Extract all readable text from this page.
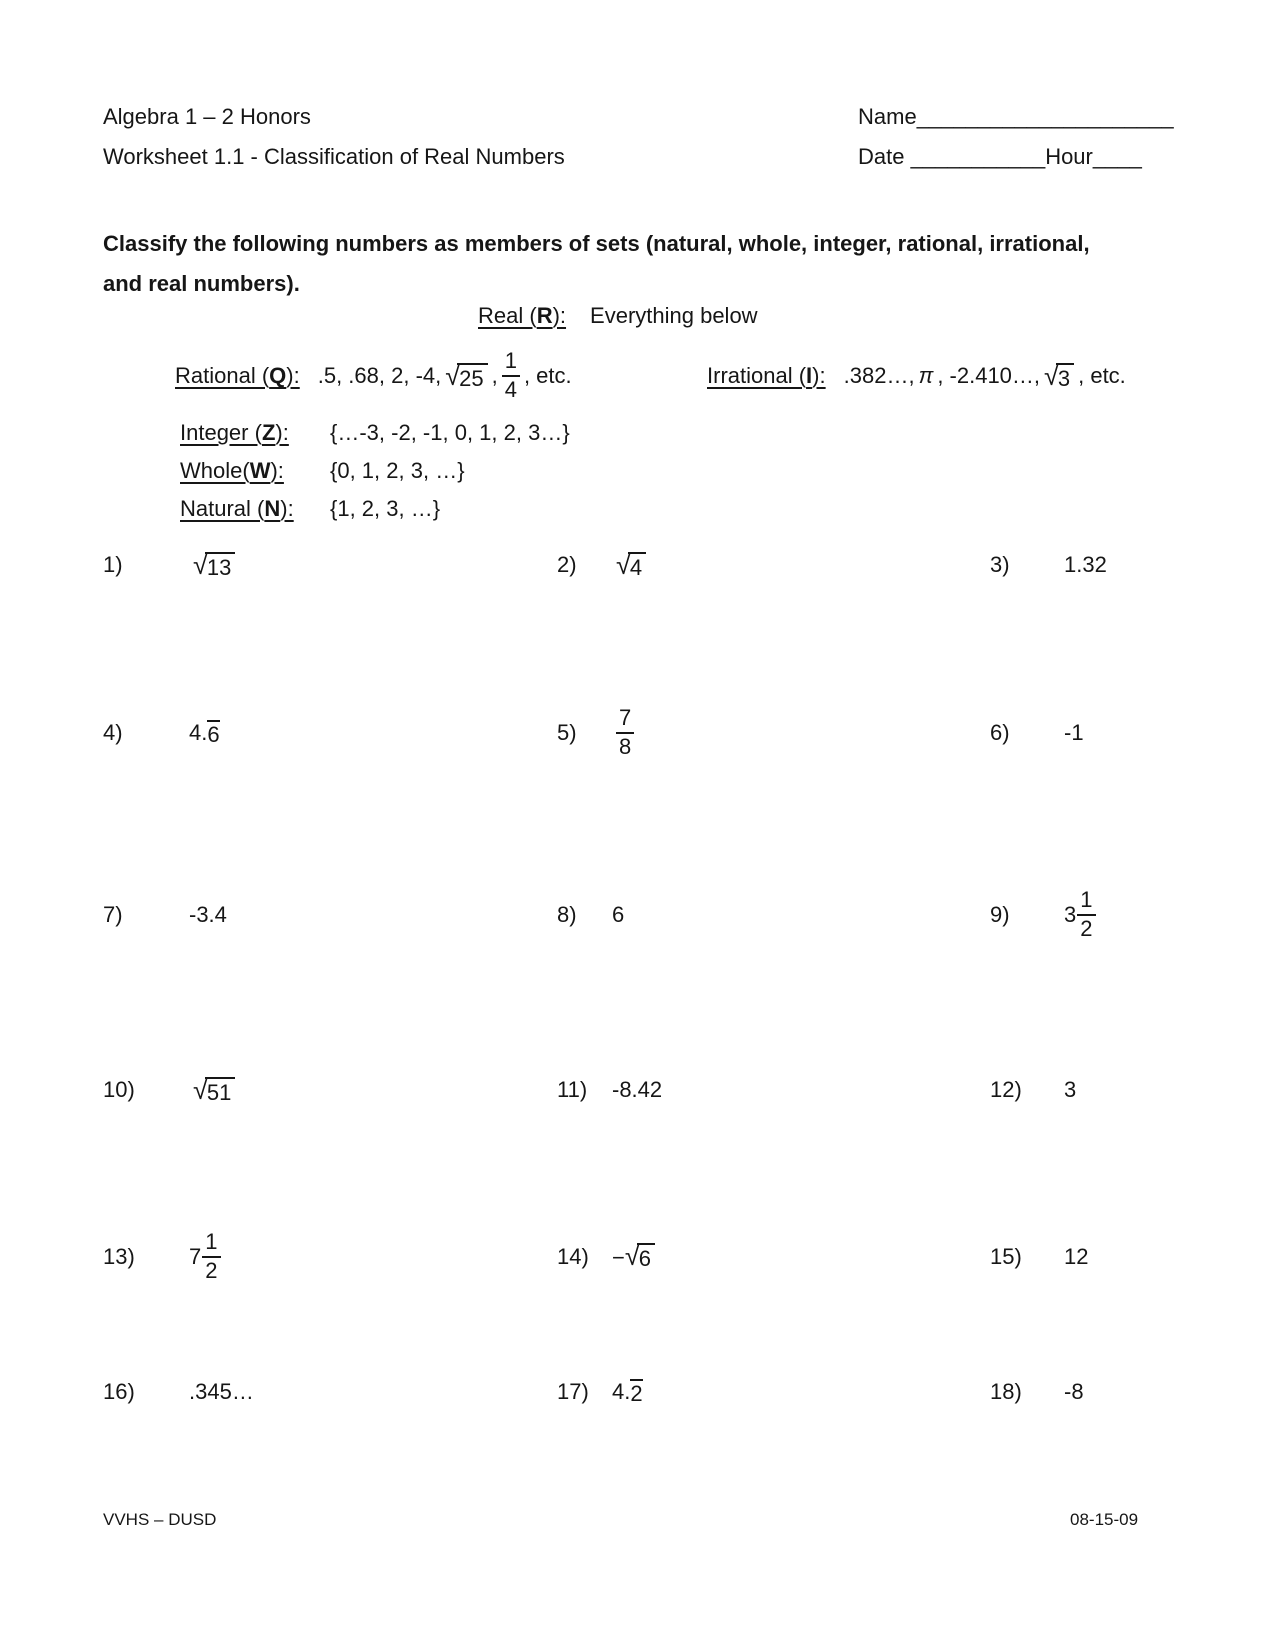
Algebra 1 – 2 Honors
Worksheet 1.1 - Classification of Real Numbers
Name_____________________
Date ___________Hour____
Classify the following numbers as members of sets (natural, whole, integer, rational, irrational,
and real numbers).
Real (R): Everything below
Rational (Q): .5, .68, 2, -4, √ 25 , $\frac{1}{4}$ , etc.	Irrational (I): .382…, π , -2.410…, √ 3 , etc.
Integer (Z):	{…-3, -2, -1, 0, 1, 2, 3…}
Whole(W):	{0, 1, 2, 3, …}
Natural (N):	{1, 2, 3, …}
1)	√ 13	2)	√ 4	3)	1.32
4)	4. 6	5)	$\frac{7}{8}$	6)	-1
7)	-3.4	8)	6	9)	$3 \frac{1}{2}$
10)	√ 51	11)	-8.42	12)	3
13)	$7 \frac{1}{2}$	14)	− √ 6	15)	12
16)	.345…	17)	4. 2	18)	-8
VVHS – DUSD	08-15-09
